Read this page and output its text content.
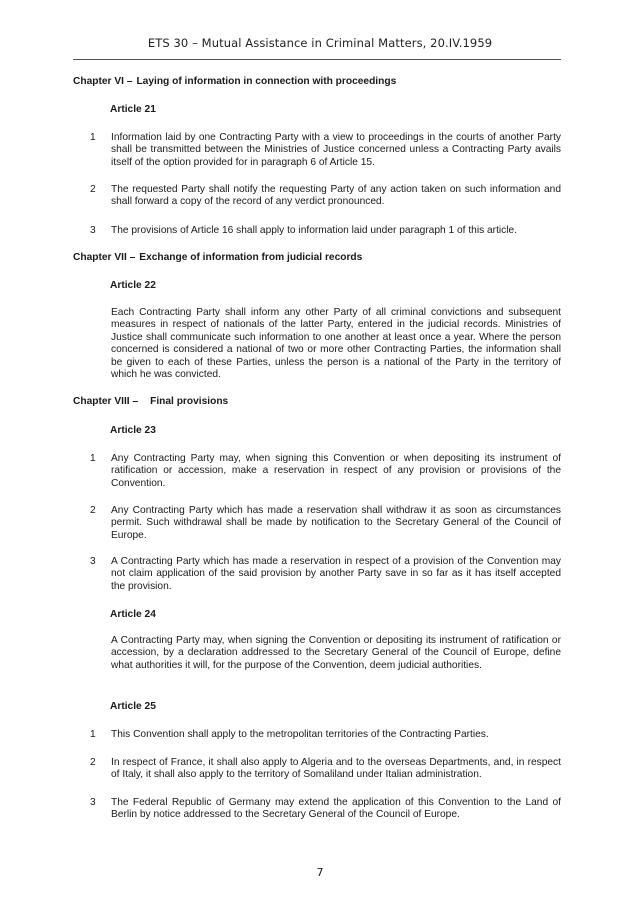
ETS 30 – Mutual Assistance in Criminal Matters, 20.IV.1959
Chapter VI – Laying of information in connection with proceedings
Article 21
1 Information laid by one Contracting Party with a view to proceedings in the courts of another Party shall be transmitted between the Ministries of Justice concerned unless a Contracting Party avails itself of the option provided for in paragraph 6 of Article 15.
2 The requested Party shall notify the requesting Party of any action taken on such information and shall forward a copy of the record of any verdict pronounced.
3 The provisions of Article 16 shall apply to information laid under paragraph 1 of this article.
Chapter VII – Exchange of information from judicial records
Article 22
Each Contracting Party shall inform any other Party of all criminal convictions and subsequent measures in respect of nationals of the latter Party, entered in the judicial records. Ministries of Justice shall communicate such information to one another at least once a year. Where the person concerned is considered a national of two or more other Contracting Parties, the information shall be given to each of these Parties, unless the person is a national of the Party in the territory of which he was convicted.
Chapter VIII – Final provisions
Article 23
1 Any Contracting Party may, when signing this Convention or when depositing its instrument of ratification or accession, make a reservation in respect of any provision or provisions of the Convention.
2 Any Contracting Party which has made a reservation shall withdraw it as soon as circumstances permit. Such withdrawal shall be made by notification to the Secretary General of the Council of Europe.
3 A Contracting Party which has made a reservation in respect of a provision of the Convention may not claim application of the said provision by another Party save in so far as it has itself accepted the provision.
Article 24
A Contracting Party may, when signing the Convention or depositing its instrument of ratification or accession, by a declaration addressed to the Secretary General of the Council of Europe, define what authorities it will, for the purpose of the Convention, deem judicial authorities.
Article 25
1 This Convention shall apply to the metropolitan territories of the Contracting Parties.
2 In respect of France, it shall also apply to Algeria and to the overseas Departments, and, in respect of Italy, it shall also apply to the territory of Somaliland under Italian administration.
3 The Federal Republic of Germany may extend the application of this Convention to the Land of Berlin by notice addressed to the Secretary General of the Council of Europe.
7
